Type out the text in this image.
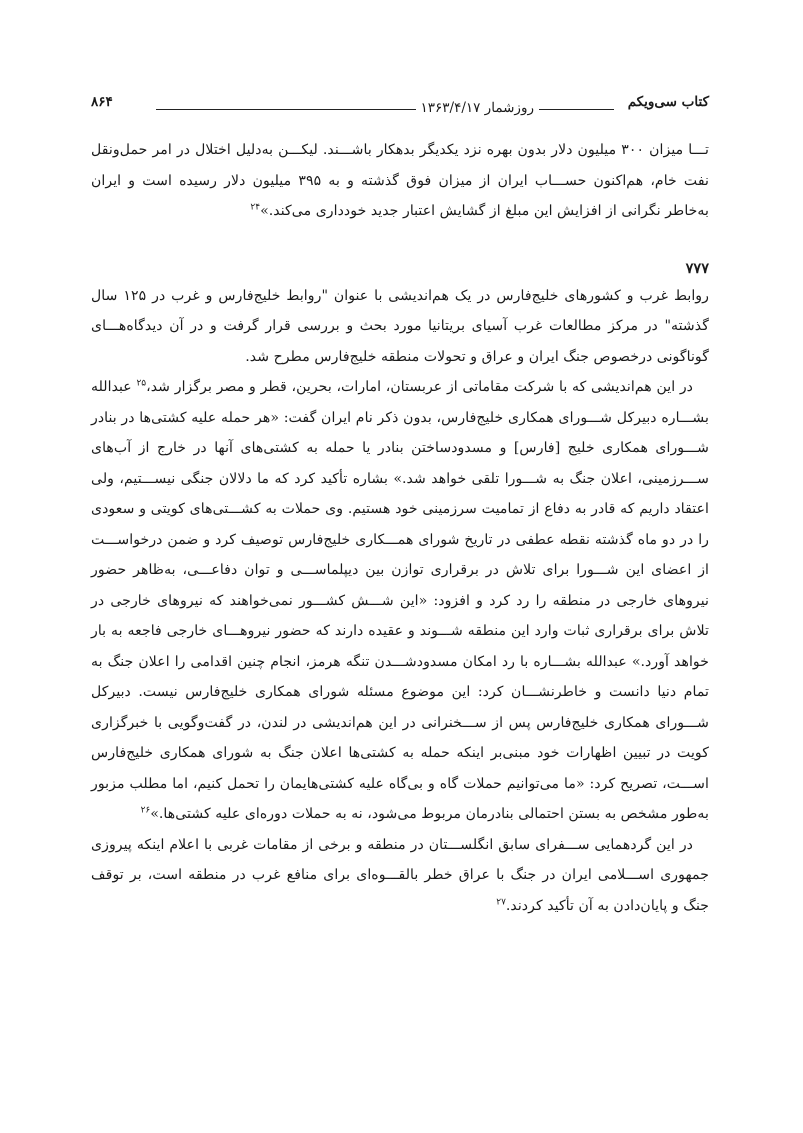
کتاب سی‌ویکم
روزشمار ۱۳۶۳/۴/۱۷
۸۶۴

تـــا میزان ۳۰۰ میلیون دلار بدون بهره نزد یکدیگر بدهکار باشـــند. لیکـــن به‌دلیل اختلال در امر حمل‌ونقل نفت خام، هم‌اکنون حســـاب ایران از میزان فوق گذشته و به ۳۹۵ میلیون دلار رسیده است و ایران به‌خاطر نگرانی از افزایش این مبلغ از گشایش اعتبار جدید خودداری می‌کند.»$^{۲۴}$

۷۷۷

روابط غرب و کشورهای خلیج‌فارس در یک هم‌اندیشی با عنوان "روابط خلیج‌فارس و غرب در ۱۲۵ سال گذشته" در مرکز مطالعات غرب آسیای بریتانیا مورد بحث و بررسی قرار گرفت و در آن دیدگاه‌هـــای گوناگونی درخصوص جنگ ایران و عراق و تحولات منطقه خلیج‌فارس مطرح شد.

در این هم‌اندیشی که با شرکت مقاماتی از عربستان، امارات، بحرین، قطر و مصر برگزار شد،$^{۲۵}$ عبدالله بشـــاره دبیرکل شـــورای همکاری خلیج‌فارس، بدون ذکر نام ایران گفت: «هر حمله علیه کشتی‌ها در بنادر شـــورای همکاری خلیج [فارس] و مسدودساختن بنادر یا حمله به کشتی‌های آنها در خارج از آب‌های ســـرزمینی، اعلان جنگ به شـــورا تلقی خواهد شد.» بشاره تأکید کرد که ما دلالان جنگی نیســـتیم، ولی اعتقاد داریم که قادر به دفاع از تمامیت سرزمینی خود هستیم. وی حملات به کشـــتی‌های کویتی و سعودی را در دو ماه گذشته نقطه عطفی در تاریخ شورای همـــکاری خلیج‌فارس توصیف کرد و ضمن درخواســـت از اعضای این شـــورا برای تلاش در برقراری توازن بین دیپلماســـی و توان دفاعـــی، به‌ظاهر حضور نیروهای خارجی در منطقه را رد کرد و افزود: «این شـــش کشـــور نمی‌خواهند که نیروهای خارجی در تلاش برای برقراری ثبات وارد این منطقه شـــوند و عقیده دارند که حضور نیروهـــای خارجی فاجعه به بار خواهد آورد.» عبدالله بشـــاره با رد امکان مسدودشـــدن تنگه هرمز، انجام چنین اقدامی را اعلان جنگ به تمام دنیا دانست و خاطرنشـــان کرد: این موضوع مسئله شورای همکاری خلیج‌فارس نیست. دبیرکل شـــورای همکاری خلیج‌فارس پس از ســـخنرانی در این هم‌اندیشی در لندن، در گفت‌وگویی با خبرگزاری کویت در تبیین اظهارات خود مبنی‌بر اینکه حمله به کشتی‌ها اعلان جنگ به شورای همکاری خلیج‌فارس اســـت، تصریح کرد: «ما می‌توانیم حملات گاه و بی‌گاه علیه کشتی‌هایمان را تحمل کنیم، اما مطلب مزبور به‌طور مشخص به بستن احتمالی بنادرمان مربوط می‌شود، نه به حملات دوره‌ای علیه کشتی‌ها.»$^{۲۶}$

در این گردهمایی ســـفرای سابق انگلســـتان در منطقه و برخی از مقامات غربی با اعلام اینکه پیروزی جمهوری اســـلامی ایران در جنگ با عراق خطر بالقـــوه‌ای برای منافع غرب در منطقه است، بر توقف جنگ و پایان‌دادن به آن تأکید کردند.$^{۲۷}$
